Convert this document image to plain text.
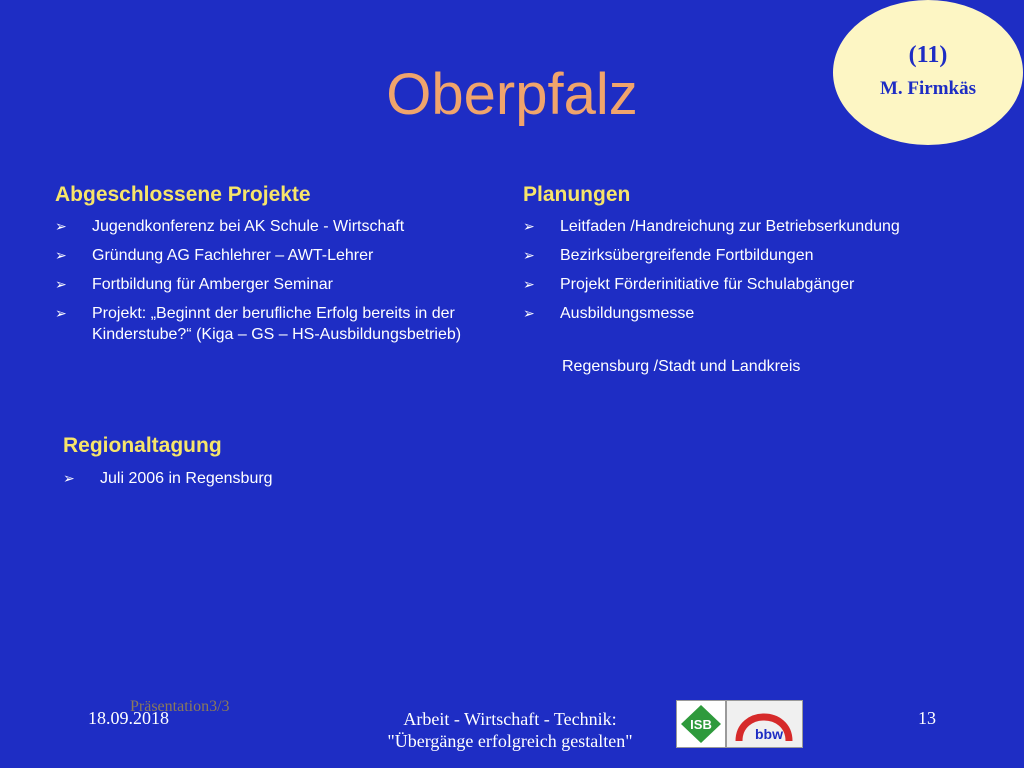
(11)
M. Firmkäs
Oberpfalz
Abgeschlossene Projekte
➢ Jugendkonferenz bei AK Schule - Wirtschaft
➢ Gründung AG Fachlehrer – AWT-Lehrer
➢ Fortbildung für Amberger Seminar
➢ Projekt: „Beginnt der berufliche Erfolg bereits in der Kinderstube?“ (Kiga – GS – HS-Ausbildungsbetrieb)
Planungen
➢ Leitfaden /Handreichung zur Betriebserkundung
➢ Bezirksübergreifende Fortbildungen
➢ Projekt Förderinitiative für Schulabgänger
➢ Ausbildungsmesse
Regensburg /Stadt und Landkreis
Regionaltagung
➢ Juli 2006 in Regensburg
Präsentation3/3
18.09.2018	Arbeit - Wirtschaft - Technik:
"Übergänge erfolgreich gestalten"
13
ISB
bbw
